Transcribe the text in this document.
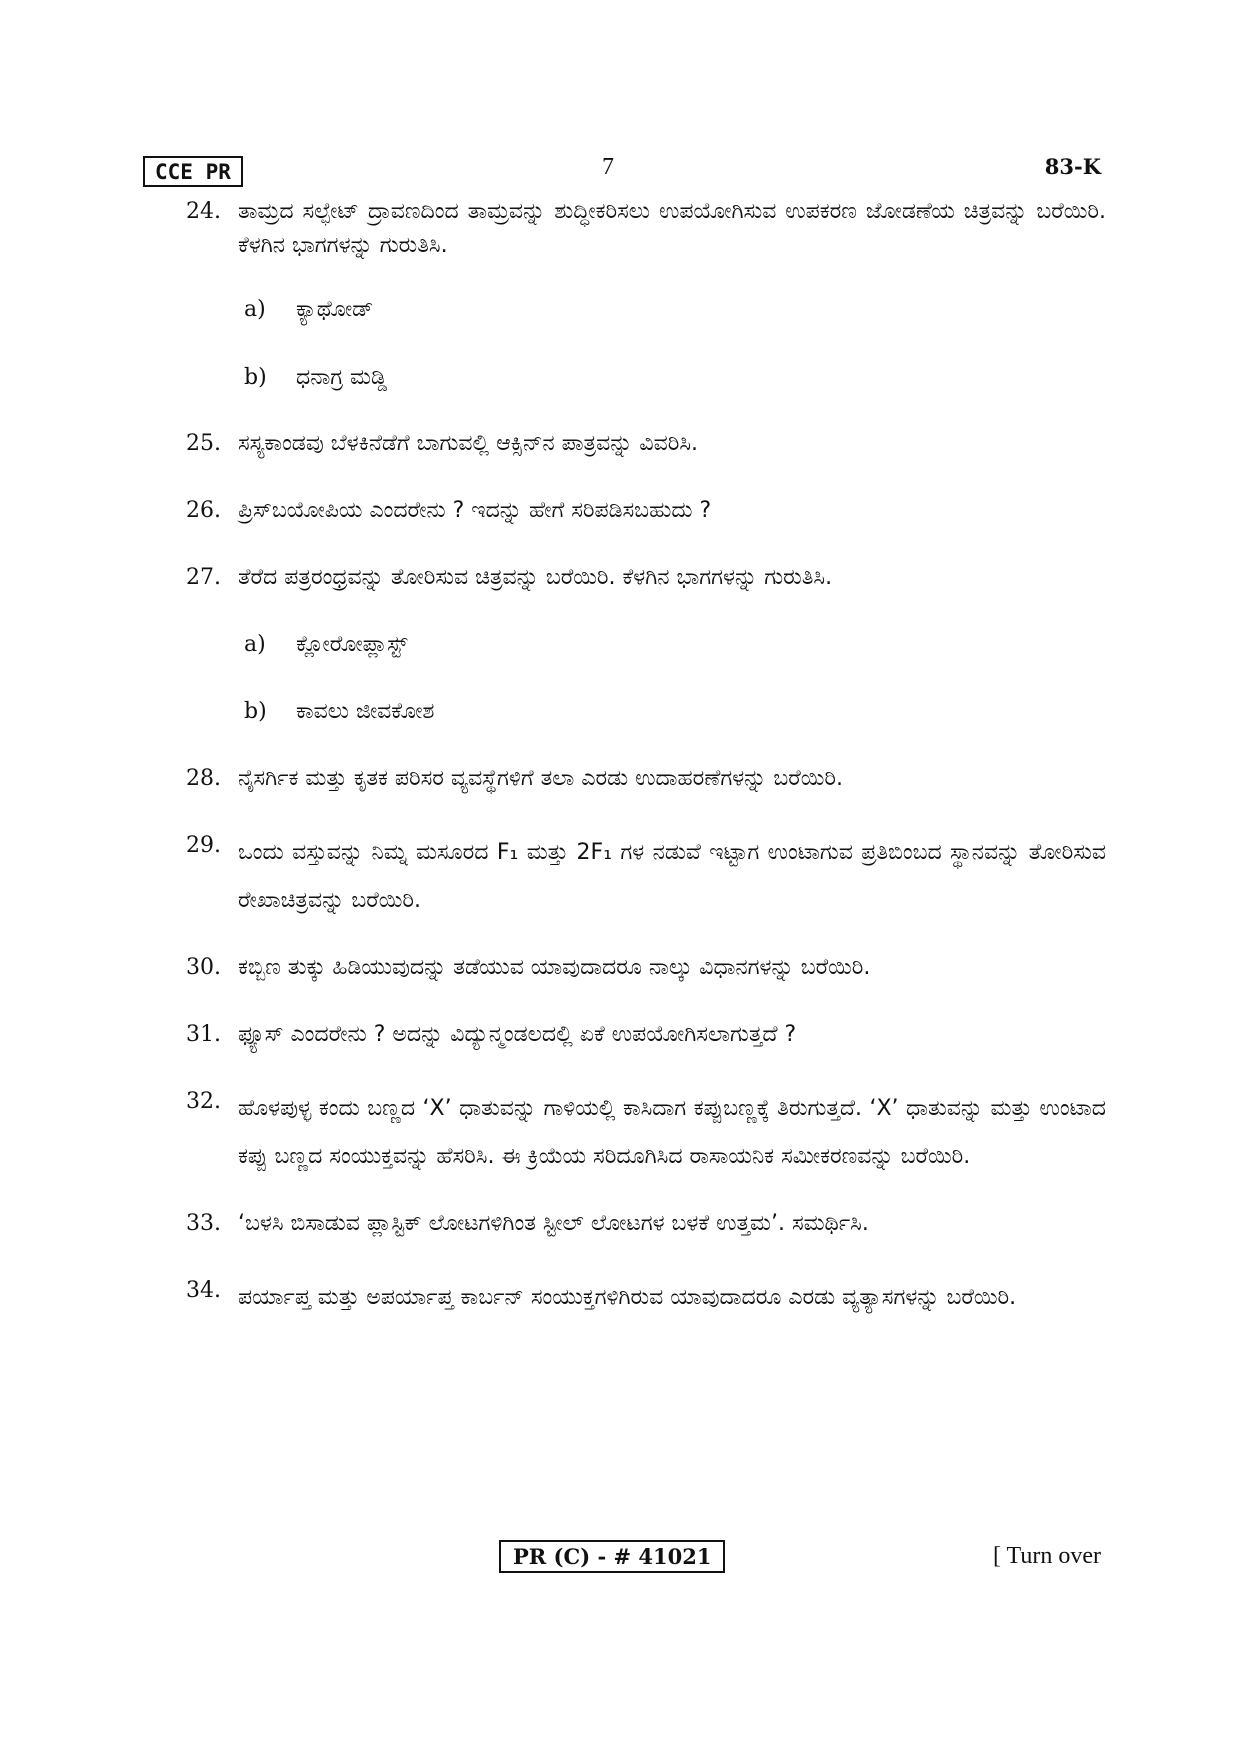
CCE PR	7	83-K
24. ತಾಮ್ರದ ಸಲ್ಫೇಟ್ ದ್ರಾವಣದಿಂದ ತಾಮ್ರವನ್ನು ಶುದ್ಧೀಕರಿಸಲು ಉಪಯೋಗಿಸುವ ಉಪಕರಣ ಜೋಡಣೆಯ ಚಿತ್ರವನ್ನು ಬರೆಯಿರಿ. ಕೆಳಗಿನ ಭಾಗಗಳನ್ನು ಗುರುತಿಸಿ.
a)	ಕ್ಯಾಥೋಡ್
b)	ಧನಾಗ್ರ ಮಡ್ಡಿ
25. ಸಸ್ಯಕಾಂಡವು ಬೆಳಕಿನೆಡೆಗೆ ಬಾಗುವಲ್ಲಿ ಆಕ್ಸಿನ್‌ನ ಪಾತ್ರವನ್ನು ವಿವರಿಸಿ.
26. ಪ್ರಿಸ್‌ಬಯೋಪಿಯ ಎಂದರೇನು ? ಇದನ್ನು ಹೇಗೆ ಸರಿಪಡಿಸಬಹುದು ?
27. ತೆರೆದ ಪತ್ರರಂಧ್ರವನ್ನು ತೋರಿಸುವ ಚಿತ್ರವನ್ನು ಬರೆಯಿರಿ. ಕೆಳಗಿನ ಭಾಗಗಳನ್ನು ಗುರುತಿಸಿ.
a)	ಕ್ಲೋರೋಪ್ಲಾಸ್ಟ್
b)	ಕಾವಲು ಜೀವಕೋಶ
28. ನೈಸರ್ಗಿಕ ಮತ್ತು ಕೃತಕ ಪರಿಸರ ವ್ಯವಸ್ಥೆಗಳಿಗೆ ತಲಾ ಎರಡು ಉದಾಹರಣೆಗಳನ್ನು ಬರೆಯಿರಿ.
29. ಒಂದು ವಸ್ತುವನ್ನು ನಿಮ್ನ ಮಸೂರದ F₁ ಮತ್ತು 2F₁ ಗಳ ನಡುವೆ ಇಟ್ಟಾಗ ಉಂಟಾಗುವ ಪ್ರತಿಬಿಂಬದ ಸ್ಥಾನವನ್ನು ತೋರಿಸುವ ರೇಖಾಚಿತ್ರವನ್ನು ಬರೆಯಿರಿ.
30. ಕಬ್ಬಿಣ ತುಕ್ಕು ಹಿಡಿಯುವುದನ್ನು ತಡೆಯುವ ಯಾವುದಾದರೂ ನಾಲ್ಕು ವಿಧಾನಗಳನ್ನು ಬರೆಯಿರಿ.
31. ಫ್ಯೂಸ್ ಎಂದರೇನು ? ಅದನ್ನು ವಿದ್ಯುನ್ಮಂಡಲದಲ್ಲಿ ಏಕೆ ಉಪಯೋಗಿಸಲಾಗುತ್ತದೆ ?
32. ಹೊಳಪುಳ್ಳ ಕಂದು ಬಣ್ಣದ ‘X’ ಧಾತುವನ್ನು ಗಾಳಿಯಲ್ಲಿ ಕಾಸಿದಾಗ ಕಪ್ಪುಬಣ್ಣಕ್ಕೆ ತಿರುಗುತ್ತದೆ. ‘X’ ಧಾತುವನ್ನು ಮತ್ತು ಉಂಟಾದ ಕಪ್ಪು ಬಣ್ಣದ ಸಂಯುಕ್ತವನ್ನು ಹೆಸರಿಸಿ. ಈ ಕ್ರಿಯೆಯ ಸರಿದೂಗಿಸಿದ ರಾಸಾಯನಿಕ ಸಮೀಕರಣವನ್ನು ಬರೆಯಿರಿ.
33. ‘ಬಳಸಿ ಬಿಸಾಡುವ ಪ್ಲಾಸ್ಟಿಕ್ ಲೋಟಗಳಿಗಿಂತ ಸ್ಟೀಲ್ ಲೋಟಗಳ ಬಳಕೆ ಉತ್ತಮ’. ಸಮರ್ಥಿಸಿ.
34. ಪರ್ಯಾಪ್ತ ಮತ್ತು ಅಪರ್ಯಾಪ್ತ ಕಾರ್ಬನ್ ಸಂಯುಕ್ತಗಳಿಗಿರುವ ಯಾವುದಾದರೂ ಎರಡು ವ್ಯತ್ಯಾಸಗಳನ್ನು ಬರೆಯಿರಿ.
PR (C) - # 41021	[ Turn over
